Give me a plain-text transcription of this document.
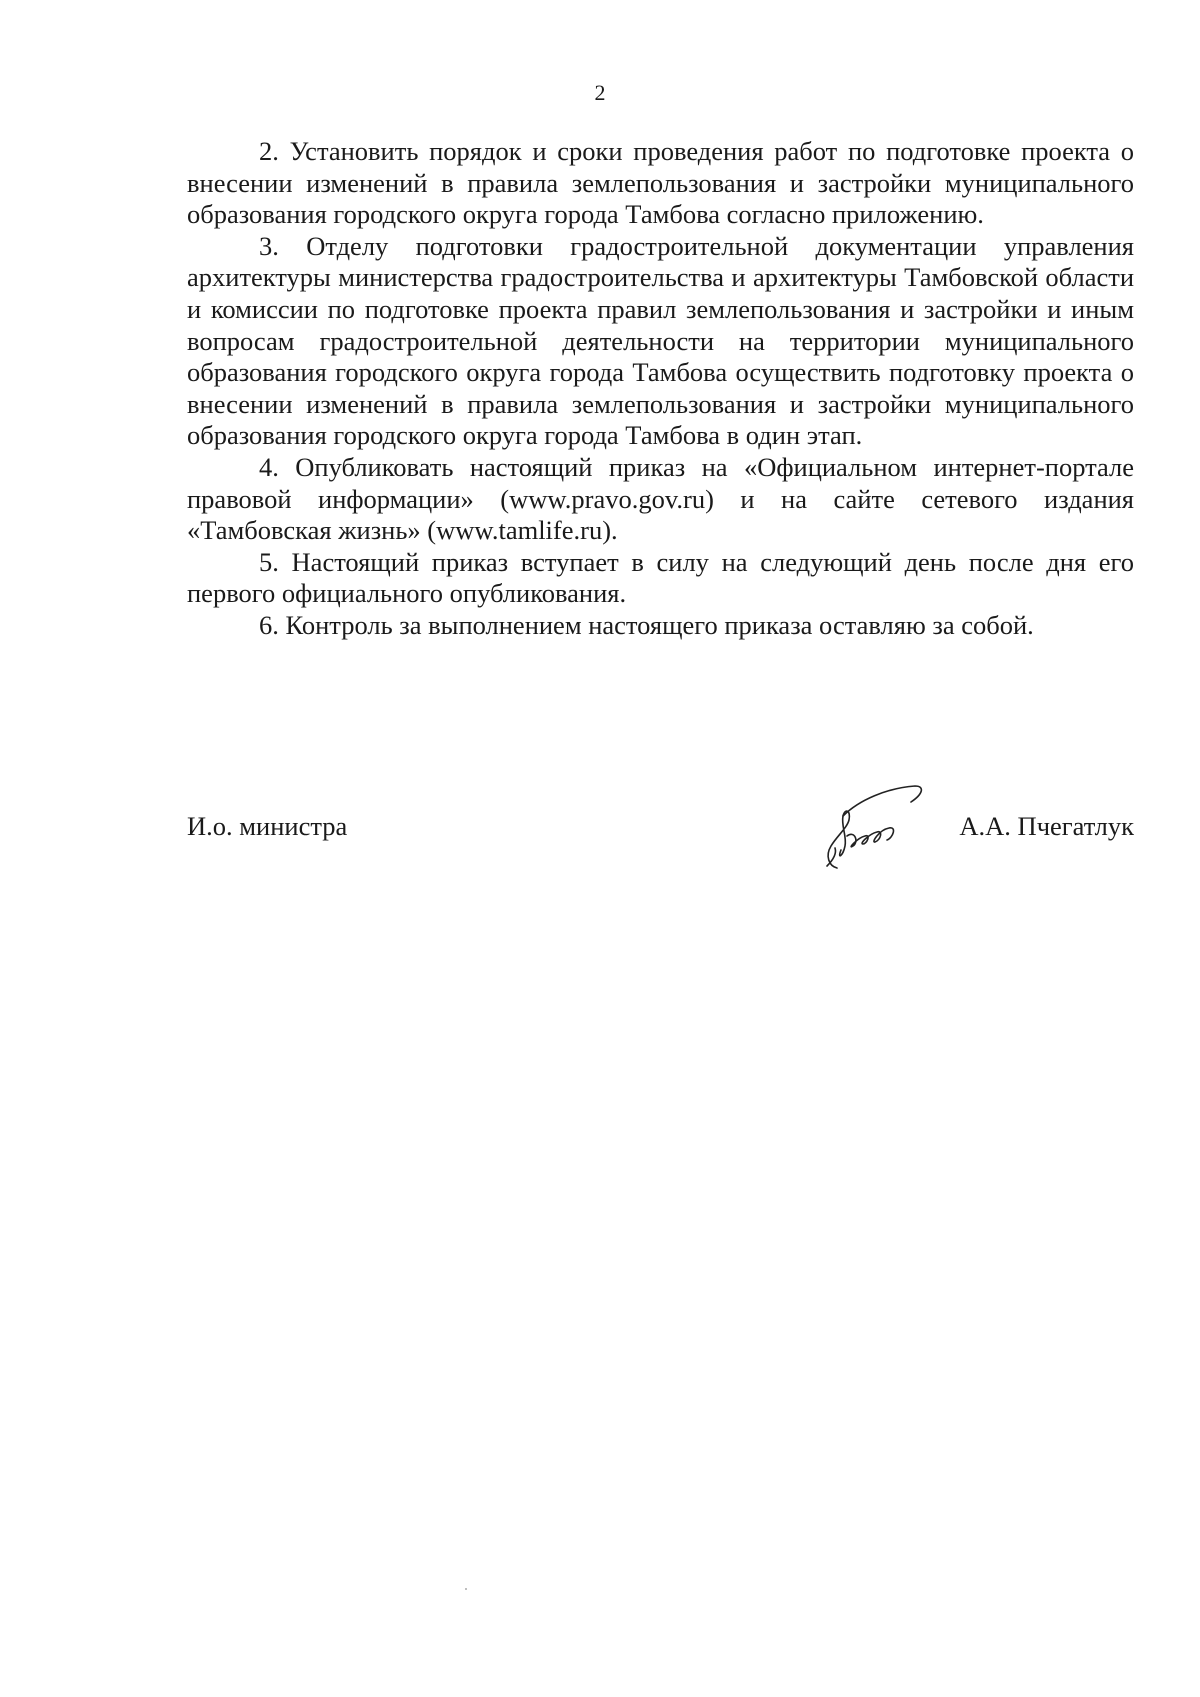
2

2. Установить порядок и сроки проведения работ по подготовке проекта о внесении изменений в правила землепользования и застройки муниципального образования городского округа города Тамбова согласно приложению.

3. Отделу подготовки градостроительной документации управления архитектуры министерства градостроительства и архитектуры Тамбовской области и комиссии по подготовке проекта правил землепользования и застройки и иным вопросам градостроительной деятельности на территории муниципального образования городского округа города Тамбова осуществить подготовку проекта о внесении изменений в правила землепользования и застройки муниципального образования городского округа города Тамбова в один этап.

4. Опубликовать настоящий приказ на «Официальном интернет-портале правовой информации» (www.pravo.gov.ru) и на сайте сетевого издания «Тамбовская жизнь» (www.tamlife.ru).

5. Настоящий приказ вступает в силу на следующий день после дня его первого официального опубликования.

6. Контроль за выполнением настоящего приказа оставляю за собой.

И.о. министра	А.А. Пчегатлук
